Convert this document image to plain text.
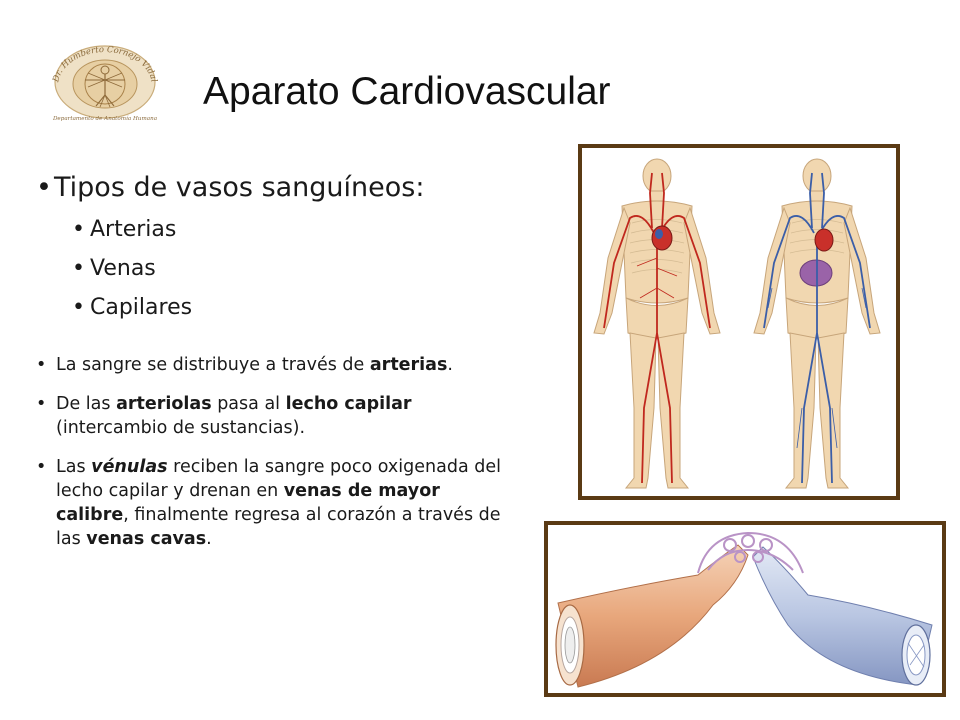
Dr. Humberto Cornejo Vidal
Departamento de Anatomía Humana
Aparato Cardiovascular
• Tipos de vasos sanguíneos:
• Arterias
• Venas
• Capilares
• La sangre se distribuye a través de arterias.
• De las arteriolas pasa al lecho capilar (intercambio de sustancias).
• Las vénulas reciben la sangre poco oxigenada del lecho capilar y drenan en venas de mayor calibre, finalmente regresa al corazón a través de las venas cavas.
